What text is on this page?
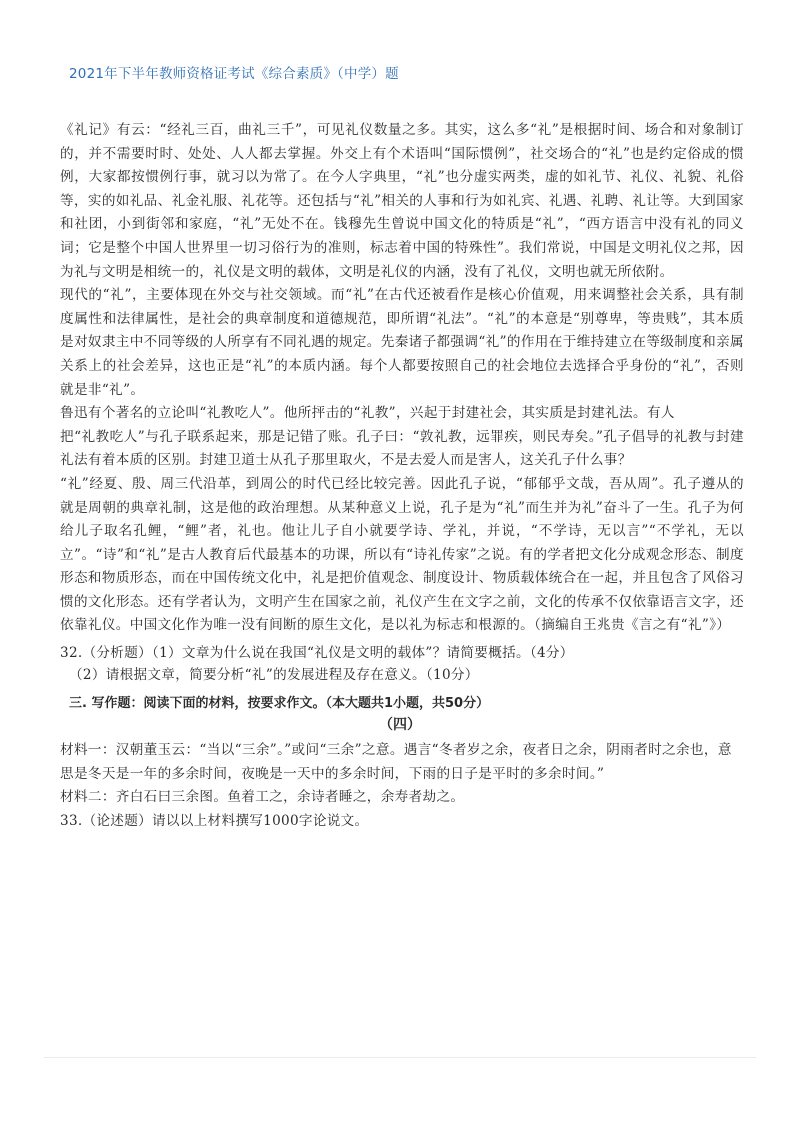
2021年下半年教师资格证考试《综合素质》（中学）题

《礼记》有云：“经礼三百，曲礼三千”，可见礼仪数量之多。其实，这么多“礼”是根据时间、场合和对象制订的，并不需要时时、处处、人人都去掌握。外交上有个术语叫“国际惯例”，社交场合的“礼”也是约定俗成的惯例，大家都按惯例行事，就习以为常了。在今人字典里，“礼”也分虚实两类，虚的如礼节、礼仪、礼貌、礼俗等，实的如礼品、礼金礼服、礼花等。还包括与“礼”相关的人事和行为如礼宾、礼遇、礼聘、礼让等。大到国家和社团，小到街邻和家庭，“礼”无处不在。钱穆先生曾说中国文化的特质是“礼”，“西方语言中没有礼的同义词；它是整个中国人世界里一切习俗行为的准则，标志着中国的特殊性”。我们常说，中国是文明礼仪之邦，因为礼与文明是相统一的，礼仪是文明的载体，文明是礼仪的内涵，没有了礼仪，文明也就无所依附。

现代的“礼”，主要体现在外交与社交领域。而“礼”在古代还被看作是核心价值观，用来调整社会关系，具有制度属性和法律属性，是社会的典章制度和道德规范，即所谓“礼法”。“礼”的本意是“别尊卑，等贵贱”，其本质是对奴隶主中不同等级的人所享有不同礼遇的规定。先秦诸子都强调“礼”的作用在于维持建立在等级制度和亲属关系上的社会差异，这也正是“礼”的本质内涵。每个人都要按照自己的社会地位去选择合乎身份的“礼”，否则就是非“礼”。

鲁迅有个著名的立论叫“礼教吃人”。他所抨击的“礼教”，兴起于封建社会，其实质是封建礼法。有人

把“礼教吃人”与孔子联系起来，那是记错了账。孔子曰：“敦礼教，远罪疾，则民寿矣。”孔子倡导的礼教与封建礼法有着本质的区别。封建卫道士从孔子那里取火，不是去爱人而是害人，这关孔子什么事？

“礼”经夏、殷、周三代沿革，到周公的时代已经比较完善。因此孔子说，“郁郁乎文哉，吾从周”。孔子遵从的就是周朝的典章礼制，这是他的政治理想。从某种意义上说，孔子是为“礼”而生并为礼”奋斗了一生。孔子为何给儿子取名孔鲤，“鲤”者，礼也。他让儿子自小就要学诗、学礼，并说，“不学诗，无以言”“不学礼，无以立”。“诗”和“礼”是古人教育后代最基本的功课，所以有“诗礼传家”之说。有的学者把文化分成观念形态、制度形态和物质形态，而在中国传统文化中，礼是把价值观念、制度设计、物质载体统合在一起，并且包含了风俗习惯的文化形态。还有学者认为，文明产生在国家之前，礼仪产生在文字之前，文化的传承不仅依靠语言文字，还依靠礼仪。中国文化作为唯一没有间断的原生文化，是以礼为标志和根源的。（摘编自王兆贵《言之有“礼”》）

32.（分析题）（1）文章为什么说在我国“礼仪是文明的载体”？请简要概括。（4分）
（2）请根据文章，简要分析“礼”的发展进程及存在意义。（10分）
三. 写作题：阅读下面的材料，按要求作文。（本大题共1小题，共50分）
（四）

材料一：汉朝董玉云：“当以“三余”。”或问“三余”之意。遇言“冬者岁之余，夜者日之余，阴雨者时之余也，意思是冬天是一年的多余时间，夜晚是一天中的多余时间，下雨的日子是平时的多余时间。”

材料二：齐白石曰三余图。鱼着工之，余诗者睡之，余寿者劫之。

33.（论述题）请以以上材料撰写1000字论说文。
